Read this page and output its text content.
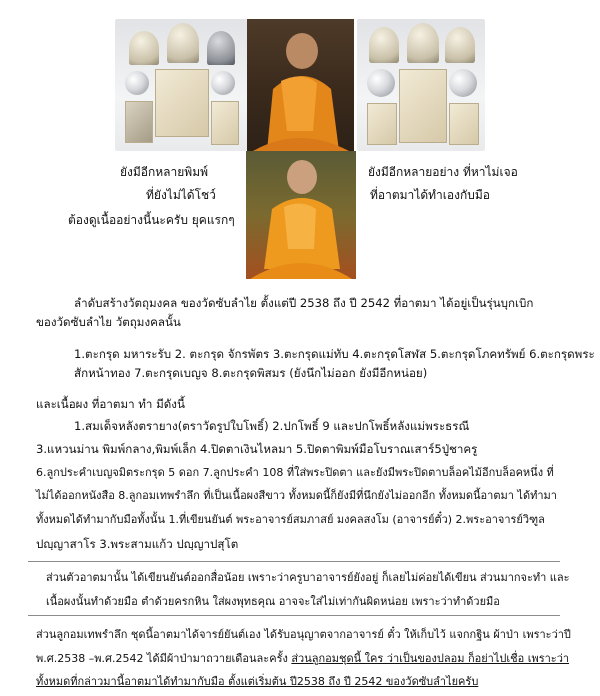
ยังมีอีกหลายพิมพ์
ที่ยังไม่ได้โชว์
ยังมีอีกหลายอย่าง ที่หาไม่เจอ
ที่อาตมาได้ทำเองกับมือ
ต้องดูเนื้ออย่างนี้นะครับ ยุคแรกๆ
ลำดับสร้างวัตถุมงคล ของวัดซับลำไย ตั้งแต่ปี 2538 ถึง ปี 2542 ที่อาตมา ได้อยู่เป็นรุ่นบุกเบิก
ของวัดซับลำไย วัตถุมงคลนั้น
1.ตะกรุด มหาระรับ 2. ตะกรุด จักรพัตร 3.ตะกรุดแม่ทับ 4.ตะกรุดโสฬส 5.ตะกรุดโภคทรัพย์ 6.ตะกรุดพระ
สักหน้าทอง 7.ตะกรุดเบญจ 8.ตะกรุดพิสมร (ยังนึกไม่ออก ยังมีอีกหน่อย)
และเนื้อผง ที่อาตมา ทำ มีดังนี้
1.สมเด็จหลังตรายาง(ตราวัดรูปใบโพธิ์) 2.ปกโพธิ์ 9 และปกโพธิ์หลังแม่พระธรณี
3.แหวนม่าน พิมพ์กลาง,พิมพ์เล็ก 4.ปิดตาเงินไหลมา 5.ปิดตาพิมพ์มือโบราณเสาร์5ปู่ชาครู
6.ลูกประคำเบญจมิตระกรุด 5 ดอก 7.ลูกประคำ 108 ที่ใส่พระปิดตา และยังมีพระปิดตาบล็อคไม้อีกบล็อคหนึ่ง ที่
ไม่ได้ออกหนังสือ 8.ลูกอมเทพรำลึก ที่เป็นเนื้อผงสีขาว ทั้งหมดนี้ก็ยังมีที่นึกยังไม่ออกอีก ทั้งหมดนี้อาตมา ได้ทำมา
ทั้งหมดได้ทำมากับมือทั้งนั้น 1.ที่เขียนยันต์ พระอาจารย์สมภาสย์ มงคลสงโม (อาจารย์ตั๋ว) 2.พระอาจารย์วิฑูล
ปญฺญาสาโร 3.พระสามแก้ว ปญฺญาปสุโต
ส่วนตัวอาตมานั้น ได้เขียนยันต์ออกสื่อน้อย เพราะว่าครูบาอาจารย์ยังอยู่ ก็เลยไม่ค่อยได้เขียน ส่วนมากจะทำ และ
เนื้อผงนั้นทำด้วยมือ ตำด้วยครกหิน ใส่ผงพุทธคุณ อาจจะใส่ไม่เท่ากันผิดหน่อย เพราะว่าทำด้วยมือ
ส่วนลูกอมเทพรำลึก ชุดนี้อาตมาได้จารย์ยันต์เอง ได้รับอนุญาตจากอาจารย์ ตั๋ว ให้เก็บไว้ แจกกฐิน ผ้าป่า เพราะว่าปี
พ.ศ.2538 –พ.ศ.2542 ได้มีผ้าป่ามาถวายเดือนละครั้ง ส่วนลูกอมชุดนี้ ใคร ว่าเป็นของปลอม ก็อย่าไปเชื่อ เพราะว่า
ทั้งหมดที่กล่าวมานี้อาตมาได้ทำมากับมือ ตั้งแต่เริ่มต้น ปี2538 ถึง ปี 2542 ของวัดซับลำไยครับ
